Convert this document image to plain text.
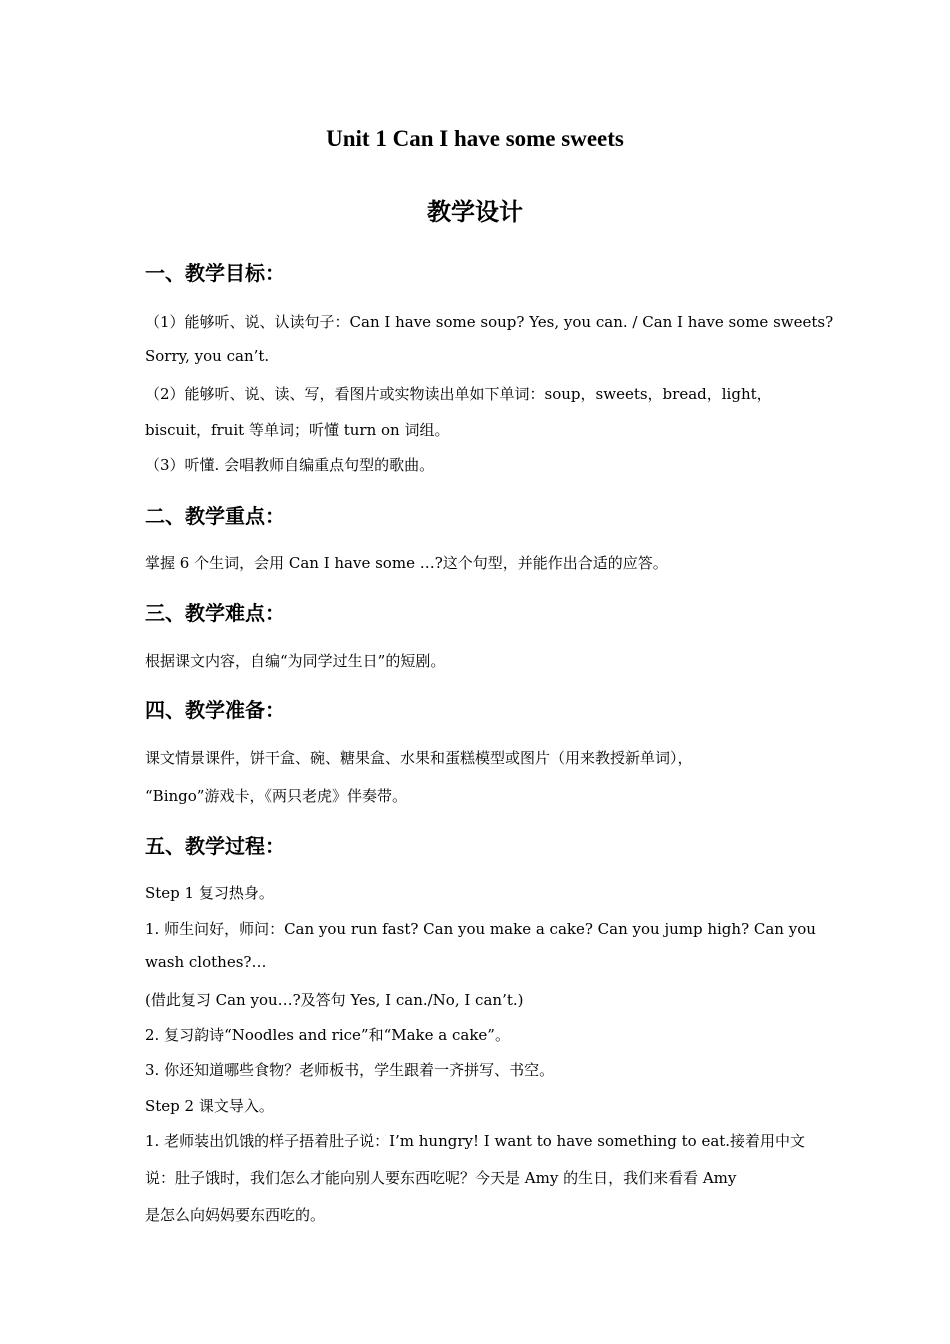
Unit 1 Can I have some sweets
教学设计
一、教学目标：
（1）能够听、说、认读句子：Can I have some soup? Yes, you can. / Can I have some sweets?
Sorry, you can’t.
（2）能够听、说、读、写，看图片或实物读出单如下单词：soup，sweets，bread，light，
biscuit，fruit 等单词；听懂 turn on 词组。
（3）听懂. 会唱教师自编重点句型的歌曲。
二、教学重点：
掌握 6 个生词，会用 Can I have some …?这个句型，并能作出合适的应答。
三、教学难点：
根据课文内容，自编“为同学过生日”的短剧。
四、教学准备：
课文情景课件，饼干盒、碗、糖果盒、水果和蛋糕模型或图片（用来教授新单词），
“Bingo”游戏卡，《两只老虎》伴奏带。
五、教学过程：
Step 1 复习热身。
1. 师生问好，师问：Can you run fast? Can you make a cake? Can you jump high? Can you
wash clothes?…
(借此复习 Can you…?及答句 Yes, I can./No, I can’t.)
2. 复习韵诗“Noodles and rice”和“Make a cake”。
3. 你还知道哪些食物？老师板书，学生跟着一齐拼写、书空。
Step 2 课文导入。
1. 老师装出饥饿的样子捂着肚子说：I’m hungry! I want to have something to eat.接着用中文
说：肚子饿时，我们怎么才能向别人要东西吃呢？今天是 Amy 的生日，我们来看看 Amy
是怎么向妈妈要东西吃的。
